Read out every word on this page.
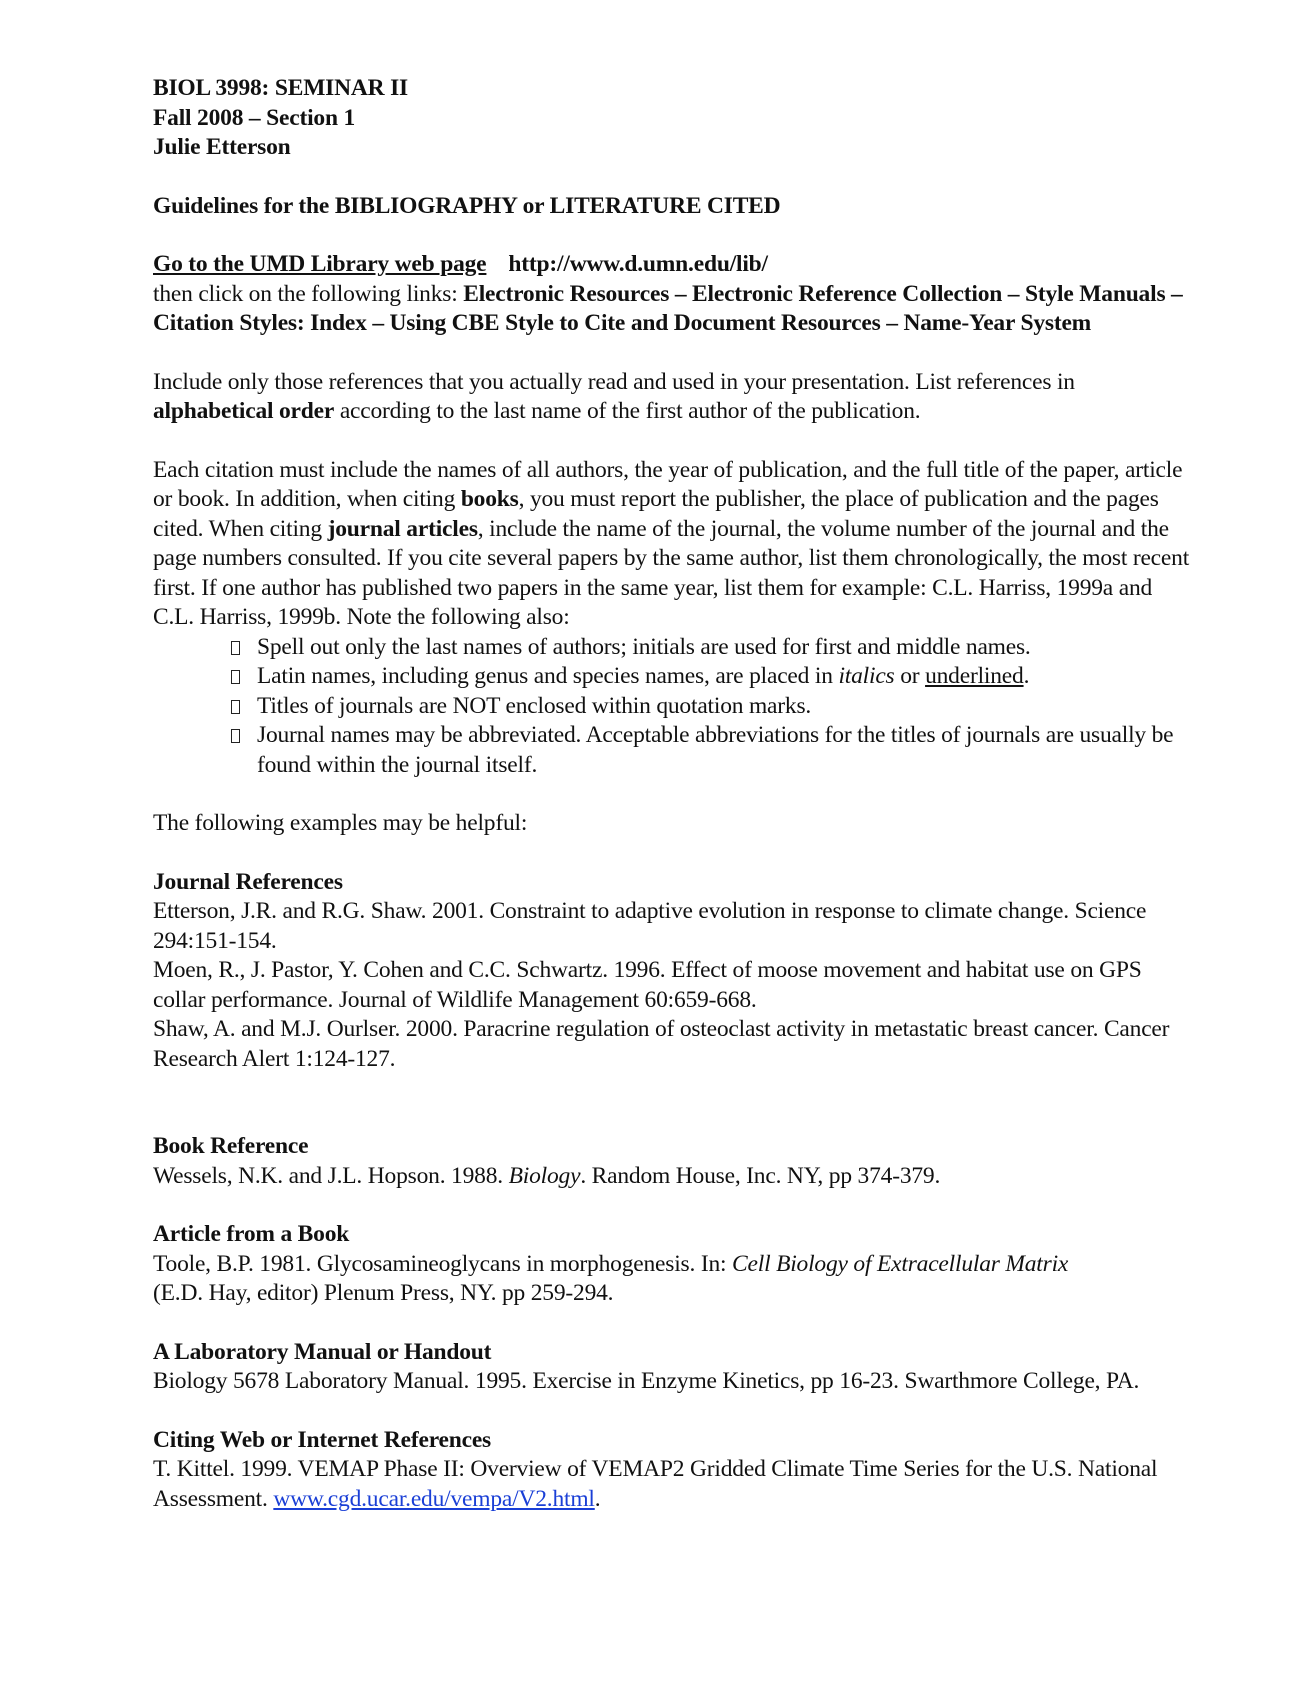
BIOL 3998: SEMINAR II
Fall 2008 – Section 1
Julie Etterson
Guidelines for the BIBLIOGRAPHY or LITERATURE CITED
Go to the UMD Library web page http://www.d.umn.edu/lib/
then click on the following links: Electronic Resources – Electronic Reference Collection – Style Manuals – Citation Styles: Index – Using CBE Style to Cite and Document Resources – Name-Year System
Include only those references that you actually read and used in your presentation. List references in alphabetical order according to the last name of the first author of the publication.
Each citation must include the names of all authors, the year of publication, and the full title of the paper, article or book. In addition, when citing books, you must report the publisher, the place of publication and the pages cited. When citing journal articles, include the name of the journal, the volume number of the journal and the page numbers consulted. If you cite several papers by the same author, list them chronologically, the most recent first. If one author has published two papers in the same year, list them for example: C.L. Harriss, 1999a and C.L. Harriss, 1999b. Note the following also:
Spell out only the last names of authors; initials are used for first and middle names.
Latin names, including genus and species names, are placed in italics or underlined.
Titles of journals are NOT enclosed within quotation marks.
Journal names may be abbreviated. Acceptable abbreviations for the titles of journals are usually be found within the journal itself.
The following examples may be helpful:
Journal References
Etterson, J.R. and R.G. Shaw. 2001. Constraint to adaptive evolution in response to climate change. Science 294:151-154.
Moen, R., J. Pastor, Y. Cohen and C.C. Schwartz. 1996. Effect of moose movement and habitat use on GPS collar performance. Journal of Wildlife Management 60:659-668.
Shaw, A. and M.J. Ourlser. 2000. Paracrine regulation of osteoclast activity in metastatic breast cancer. Cancer Research Alert 1:124-127.
Book Reference
Wessels, N.K. and J.L. Hopson. 1988. Biology. Random House, Inc. NY, pp 374-379.
Article from a Book
Toole, B.P. 1981. Glycosamineoglycans in morphogenesis. In: Cell Biology of Extracellular Matrix
(E.D. Hay, editor) Plenum Press, NY. pp 259-294.
A Laboratory Manual or Handout
Biology 5678 Laboratory Manual. 1995. Exercise in Enzyme Kinetics, pp 16-23. Swarthmore College, PA.
Citing Web or Internet References
T. Kittel. 1999. VEMAP Phase II: Overview of VEMAP2 Gridded Climate Time Series for the U.S. National Assessment. www.cgd.ucar.edu/vempa/V2.html.
